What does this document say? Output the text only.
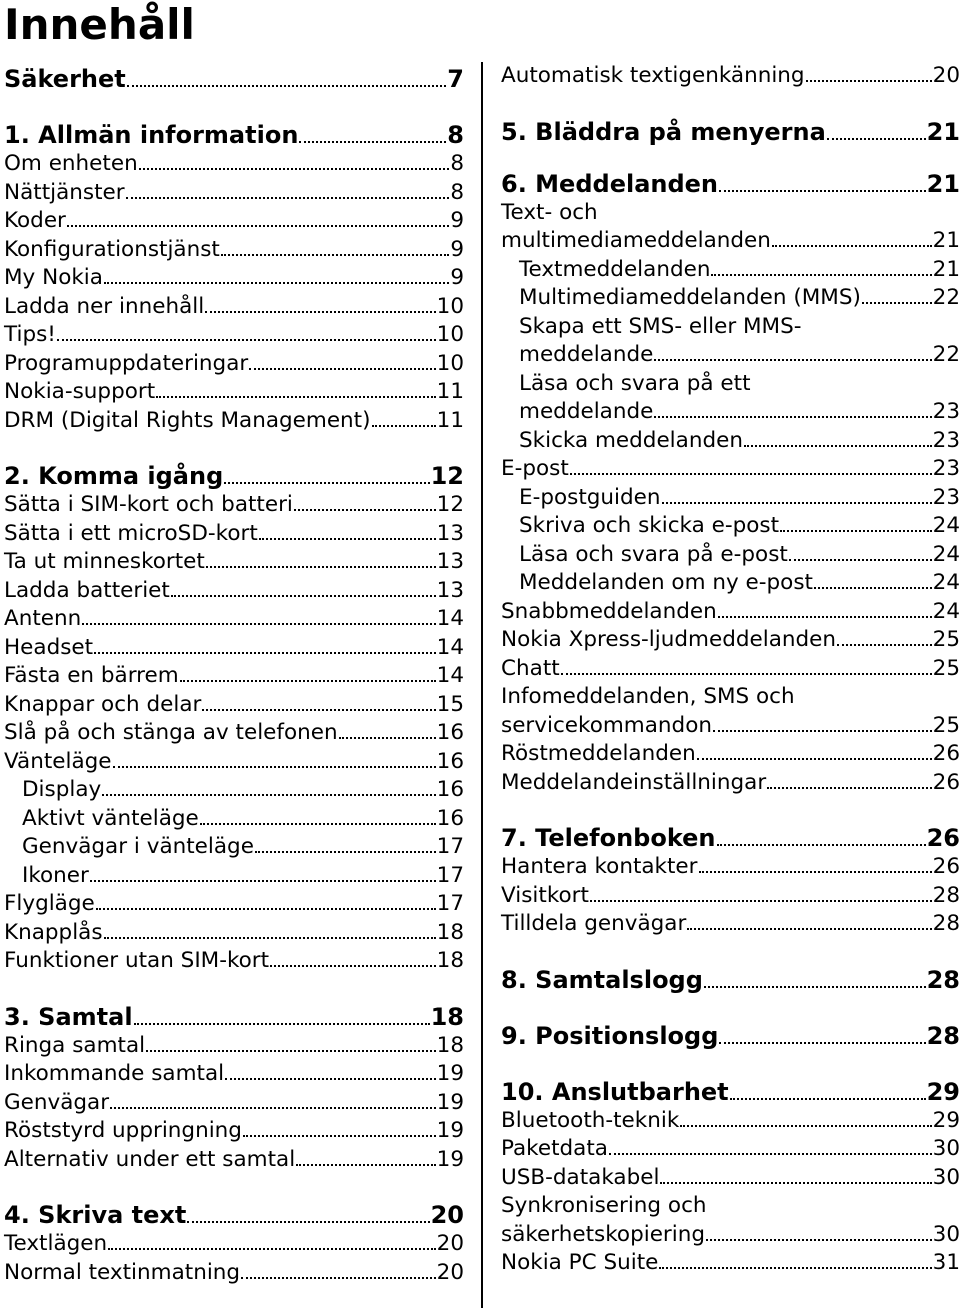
Innehåll
Säkerhet	7
1. Allmän information	8
Om enheten	8
Nättjänster	8
Koder	9
Konfigurationstjänst	9
My Nokia	9
Ladda ner innehåll	10
Tips!	10
Programuppdateringar	10
Nokia-support	11
DRM (Digital Rights Management)	11
2. Komma igång	12
Sätta i SIM-kort och batteri	12
Sätta i ett microSD-kort	13
Ta ut minneskortet	13
Ladda batteriet	13
Antenn	14
Headset	14
Fästa en bärrem	14
Knappar och delar	15
Slå på och stänga av telefonen	16
Vänteläge	16
Display	16
Aktivt vänteläge	16
Genvägar i vänteläge	17
Ikoner	17
Flygläge	17
Knapplås	18
Funktioner utan SIM-kort	18
3. Samtal	18
Ringa samtal	18
Inkommande samtal	19
Genvägar	19
Röststyrd uppringning	19
Alternativ under ett samtal	19
4. Skriva text	20
Textlägen	20
Normal textinmatning	20
Automatisk textigenkänning	20
5. Bläddra på menyerna	21
6. Meddelanden	21
Text- och
multimediameddelanden	21
Textmeddelanden	21
Multimediameddelanden (MMS)	22
Skapa ett SMS- eller MMS-
meddelande	22
Läsa och svara på ett
meddelande	23
Skicka meddelanden	23
E-post	23
E-postguiden	23
Skriva och skicka e-post	24
Läsa och svara på e-post	24
Meddelanden om ny e-post	24
Snabbmeddelanden	24
Nokia Xpress-ljudmeddelanden	25
Chatt	25
Infomeddelanden, SMS och
servicekommandon	25
Röstmeddelanden	26
Meddelandeinställningar	26
7. Telefonboken	26
Hantera kontakter	26
Visitkort	28
Tilldela genvägar	28
8. Samtalslogg	28
9. Positionslogg	28
10. Anslutbarhet	29
Bluetooth-teknik	29
Paketdata	30
USB-datakabel	30
Synkronisering och
säkerhetskopiering	30
Nokia PC Suite	31
